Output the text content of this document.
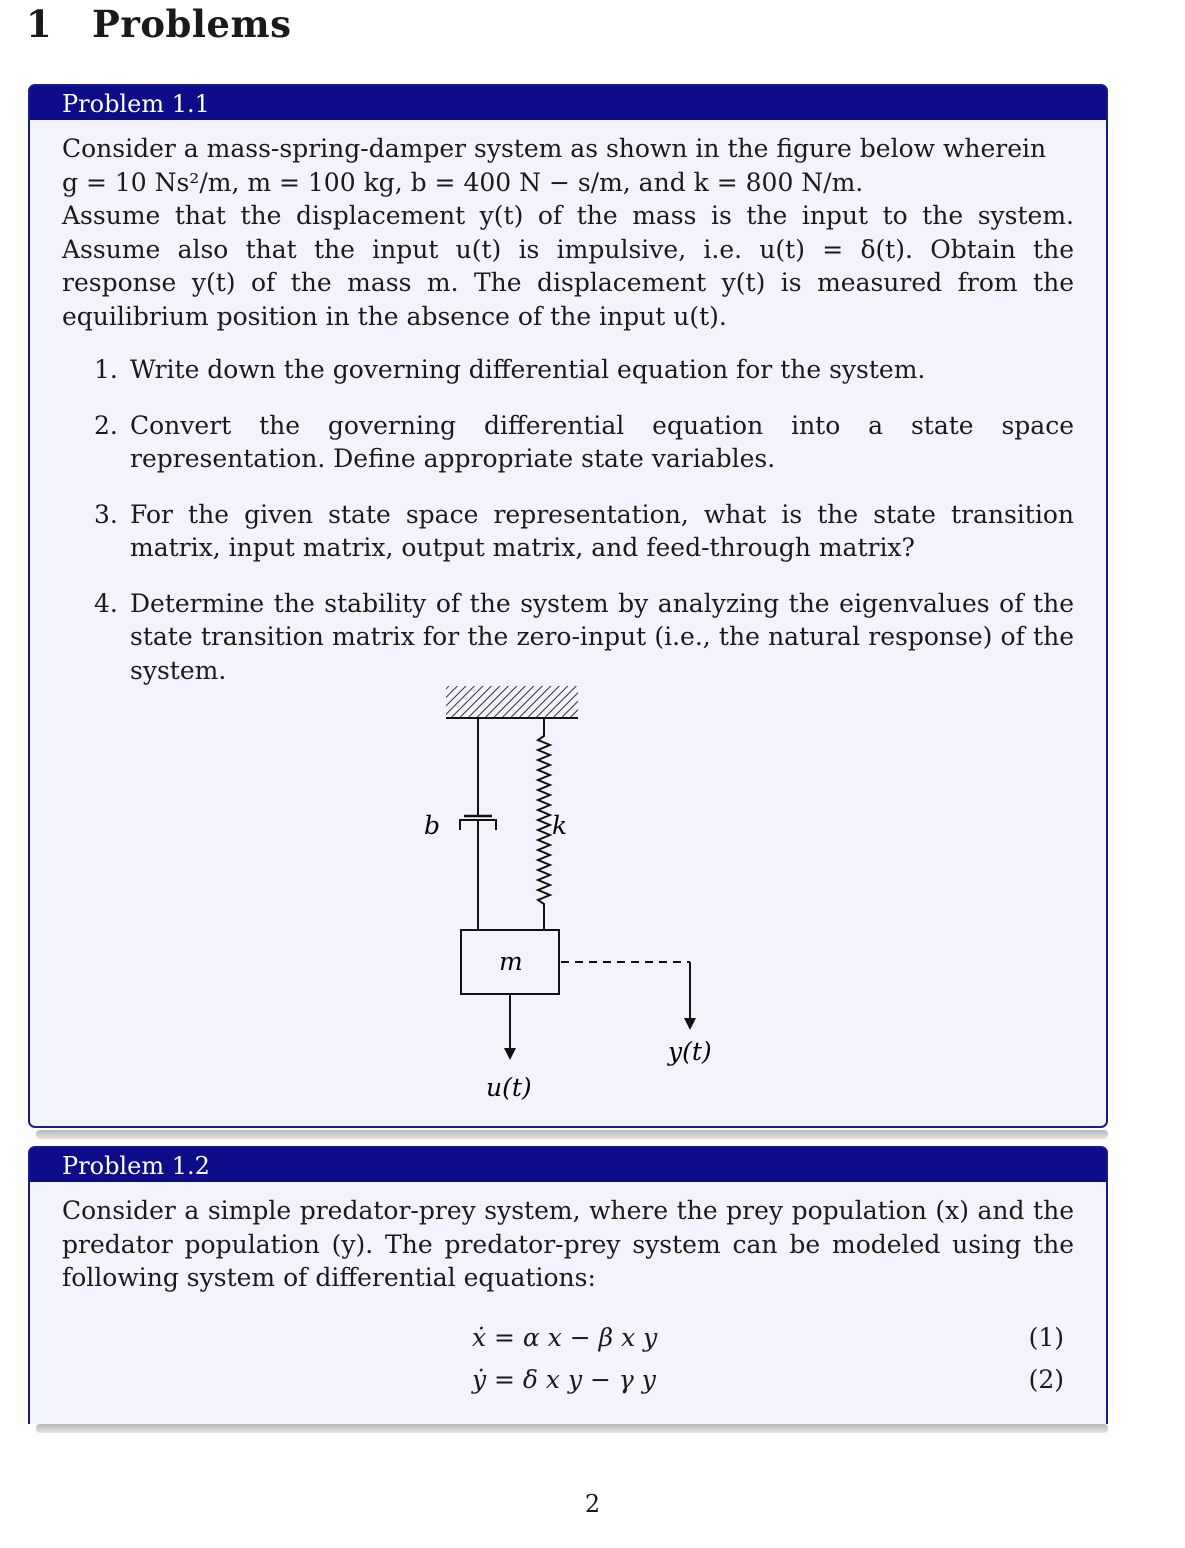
1 Problems
Problem 1.1

Consider a mass-spring-damper system as shown in the figure below wherein

g = 10 Ns²/m, m = 100 kg, b = 400 N − s/m, and k = 800 N/m.

Assume that the displacement y(t) of the mass is the input to the system. Assume also that the input u(t) is impulsive, i.e. u(t) = δ(t). Obtain the response y(t) of the mass m. The displacement y(t) is measured from the equilibrium position in the absence of the input u(t).

1. Write down the governing differential equation for the system.
2. Convert the governing differential equation into a state space representation. Define appropriate state variables.
3. For the given state space representation, what is the state transition matrix, input matrix, output matrix, and feed-through matrix?
4. Determine the stability of the system by analyzing the eigenvalues of the state transition matrix for the zero-input (i.e., the natural response) of the system.
b	k
m
u(t)
y(t)
Problem 1.2

Consider a simple predator-prey system, where the prey population (x) and the predator population (y). The predator-prey system can be modeled using the following system of differential equations:

ẋ = α x − β x y	(1)
ẏ = δ x y − γ y	(2)
2
